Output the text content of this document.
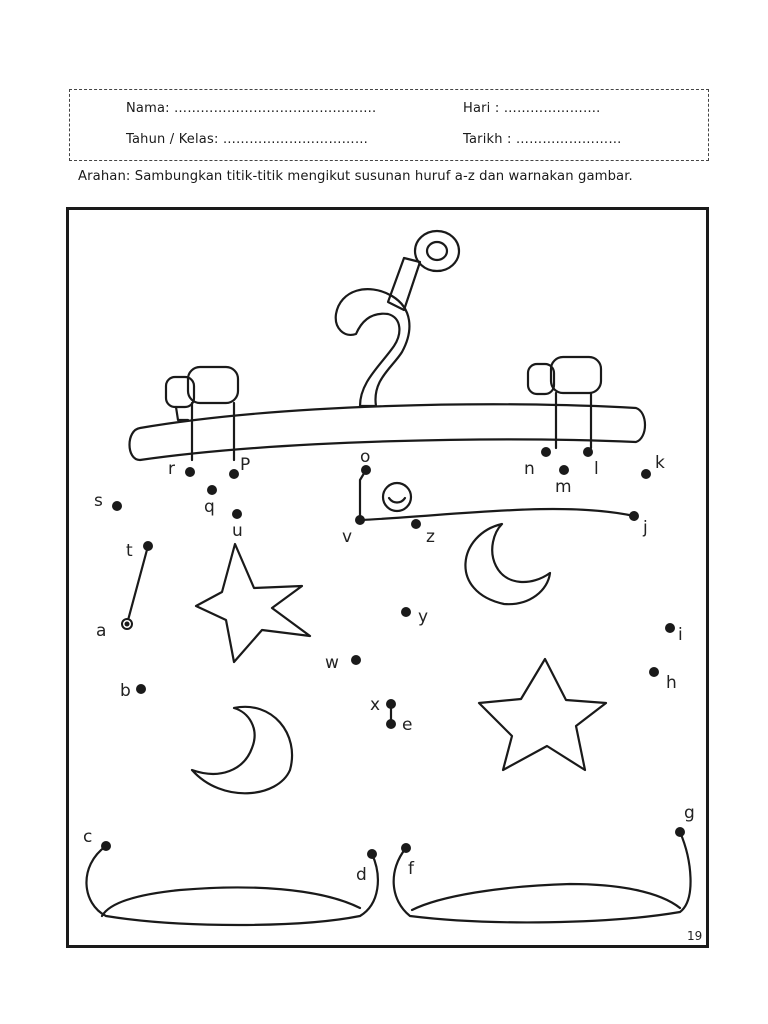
Nama: ……………………………………….	Hari : ………………….
Tahun / Kelas: ……………………………	Tarikh : ……………………
Arahan: Sambungkan titik-titik mengikut susunan huruf a-z dan warnakan gambar.
a
b
c
d
e
f
g
h
i
j
k
l
m
n
o
P
q
r
s
t
u	v
w
x
y
z
19
